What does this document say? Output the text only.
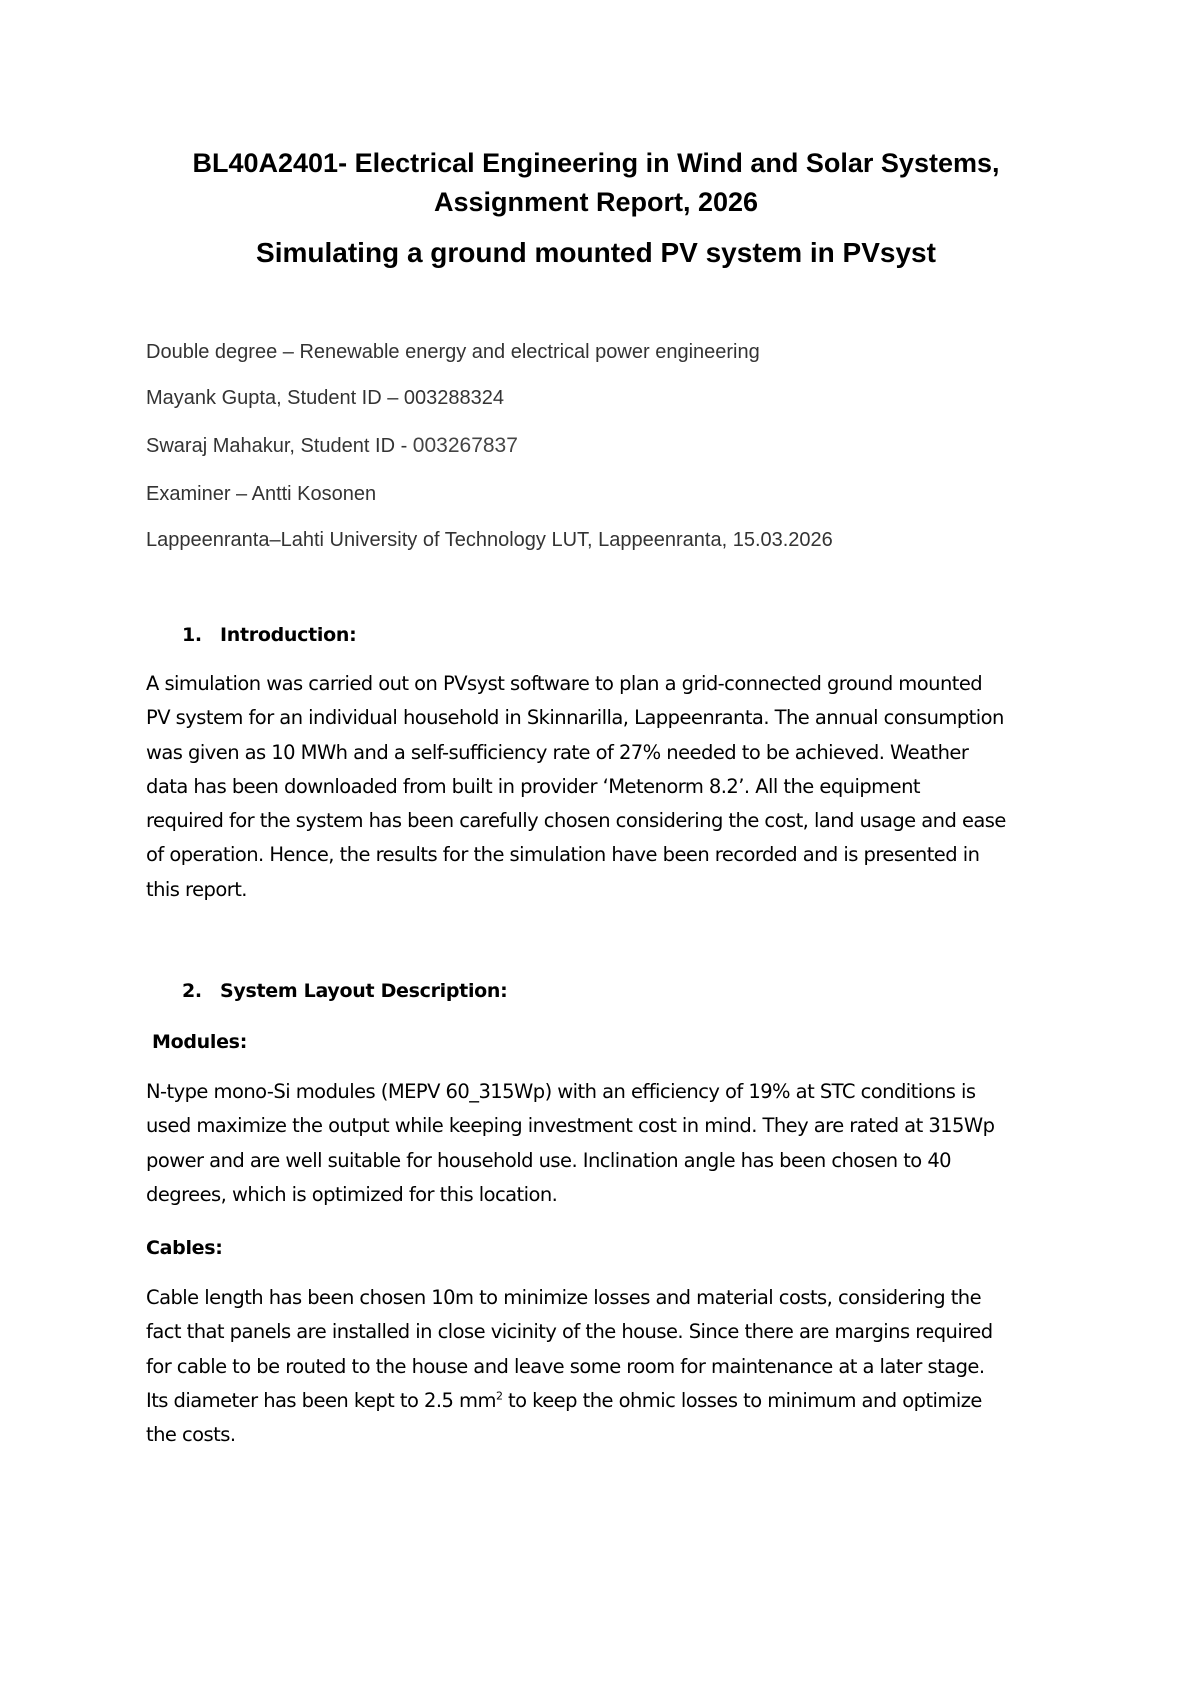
BL40A2401- Electrical Engineering in Wind and Solar Systems,
Assignment Report, 2026
Simulating a ground mounted PV system in PVsyst
Double degree – Renewable energy and electrical power engineering
Mayank Gupta, Student ID – 003288324
Swaraj Mahakur, Student ID - 003267837
Examiner – Antti Kosonen
Lappeenranta–Lahti University of Technology LUT, Lappeenranta, 15.03.2026
1. Introduction:
A simulation was carried out on PVsyst software to plan a grid-connected ground mounted
PV system for an individual household in Skinnarilla, Lappeenranta. The annual consumption
was given as 10 MWh and a self-sufficiency rate of 27% needed to be achieved. Weather
data has been downloaded from built in provider ‘Metenorm 8.2’. All the equipment
required for the system has been carefully chosen considering the cost, land usage and ease
of operation. Hence, the results for the simulation have been recorded and is presented in
this report.
2. System Layout Description:
Modules:
N-type mono-Si modules (MEPV 60_315Wp) with an efficiency of 19% at STC conditions is
used maximize the output while keeping investment cost in mind. They are rated at 315Wp
power and are well suitable for household use. Inclination angle has been chosen to 40
degrees, which is optimized for this location.
Cables:
Cable length has been chosen 10m to minimize losses and material costs, considering the
fact that panels are installed in close vicinity of the house. Since there are margins required
for cable to be routed to the house and leave some room for maintenance at a later stage.
Its diameter has been kept to 2.5 $mm^2$ to keep the ohmic losses to minimum and optimize
the costs.
